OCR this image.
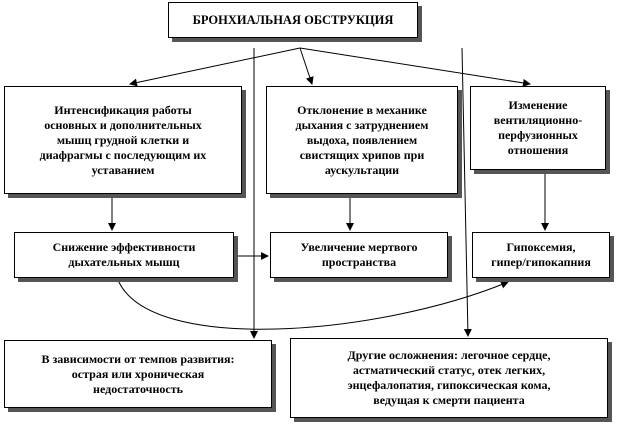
БРОНХИАЛЬНАЯ ОБСТРУКЦИЯ
Интенсификация работы
основных и дополнительных
мышц грудной клетки и
диафрагмы с последующим их
уставанием
Отклонение в механике
дыхания с затруднением
выдоха, появлением
свистящих хрипов при
аускультации
Изменение
вентиляционно-
перфузионных
отношения
Снижение эффективности
дыхательных мышц
Увеличение мертвого
пространства
Гипоксемия,
гипер/гипокапния
В зависимости от темпов развития:
острая или хроническая
недостаточность
Другие осложнения: легочное сердце,
астматический статус, отек легких,
энцефалопатия, гипоксическая кома,
ведущая к смерти пациента
